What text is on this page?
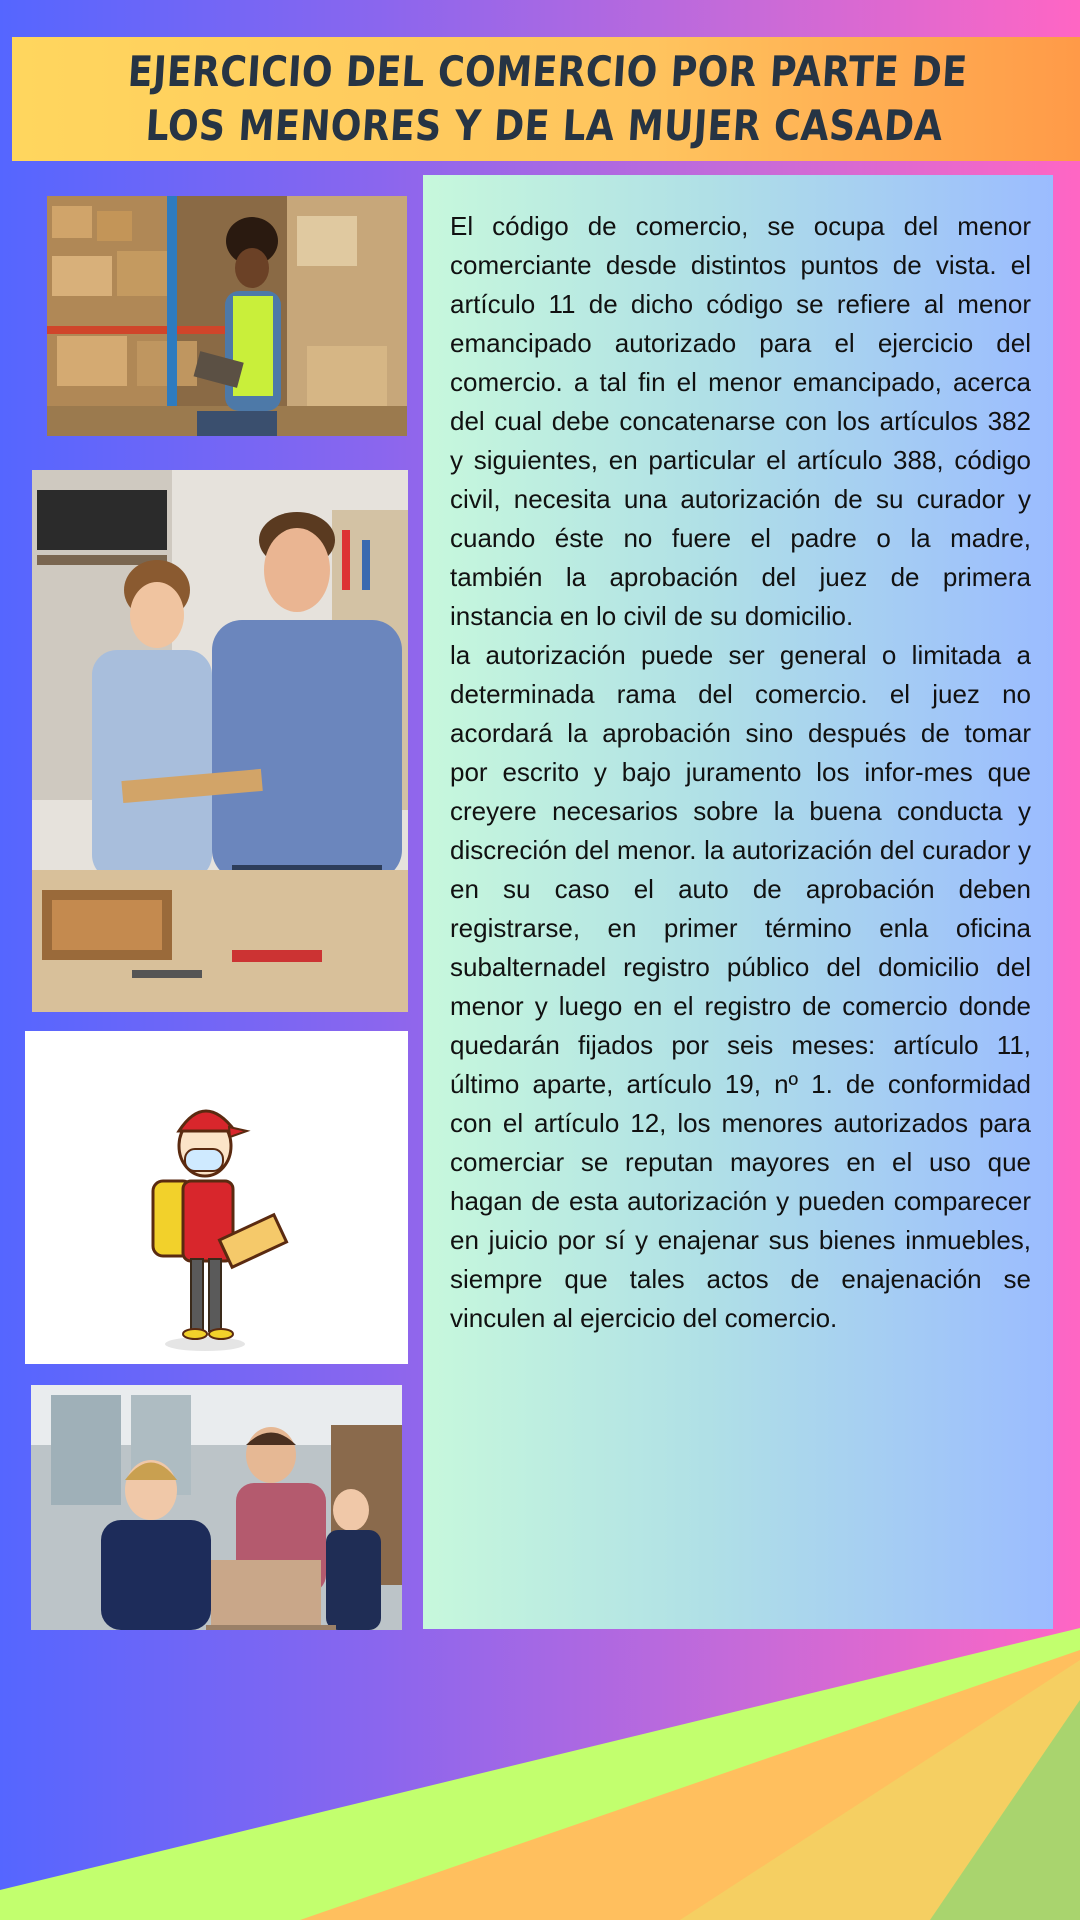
EJERCICIO DEL COMERCIO POR PARTE DE LOS MENORES Y DE LA MUJER CASADA

El código de comercio, se ocupa del menor comerciante desde distintos puntos de vista. el artículo 11 de dicho código se refiere al menor emancipado autorizado para el ejercicio del comercio. a tal fin el menor emancipado, acerca del cual debe concatenarse con los artículos 382 y siguientes, en particular el artículo 388, código civil, necesita una autorización de su curador y cuando éste no fuere el padre o la madre, también la aprobación del juez de primera instancia en lo civil de su domicilio.

la autorización puede ser general o limitada a determinada rama del comercio. el juez no acordará la aprobación sino después de tomar por escrito y bajo juramento los infor-mes que creyere necesarios sobre la buena conducta y discreción del menor. la autorización del curador y en su caso el auto de aprobación deben registrarse, en primer término enla oficina subalternadel registro público del domicilio del menor y luego en el registro de comercio donde quedarán fijados por seis meses: artículo 11, último aparte, artículo 19, nº 1. de conformidad con el artículo 12, los menores autorizados para comerciar se reputan mayores en el uso que hagan de esta autorización y pueden comparecer en juicio por sí y enajenar sus bienes inmuebles, siempre que tales actos de enajenación se vinculen al ejercicio del comercio.
